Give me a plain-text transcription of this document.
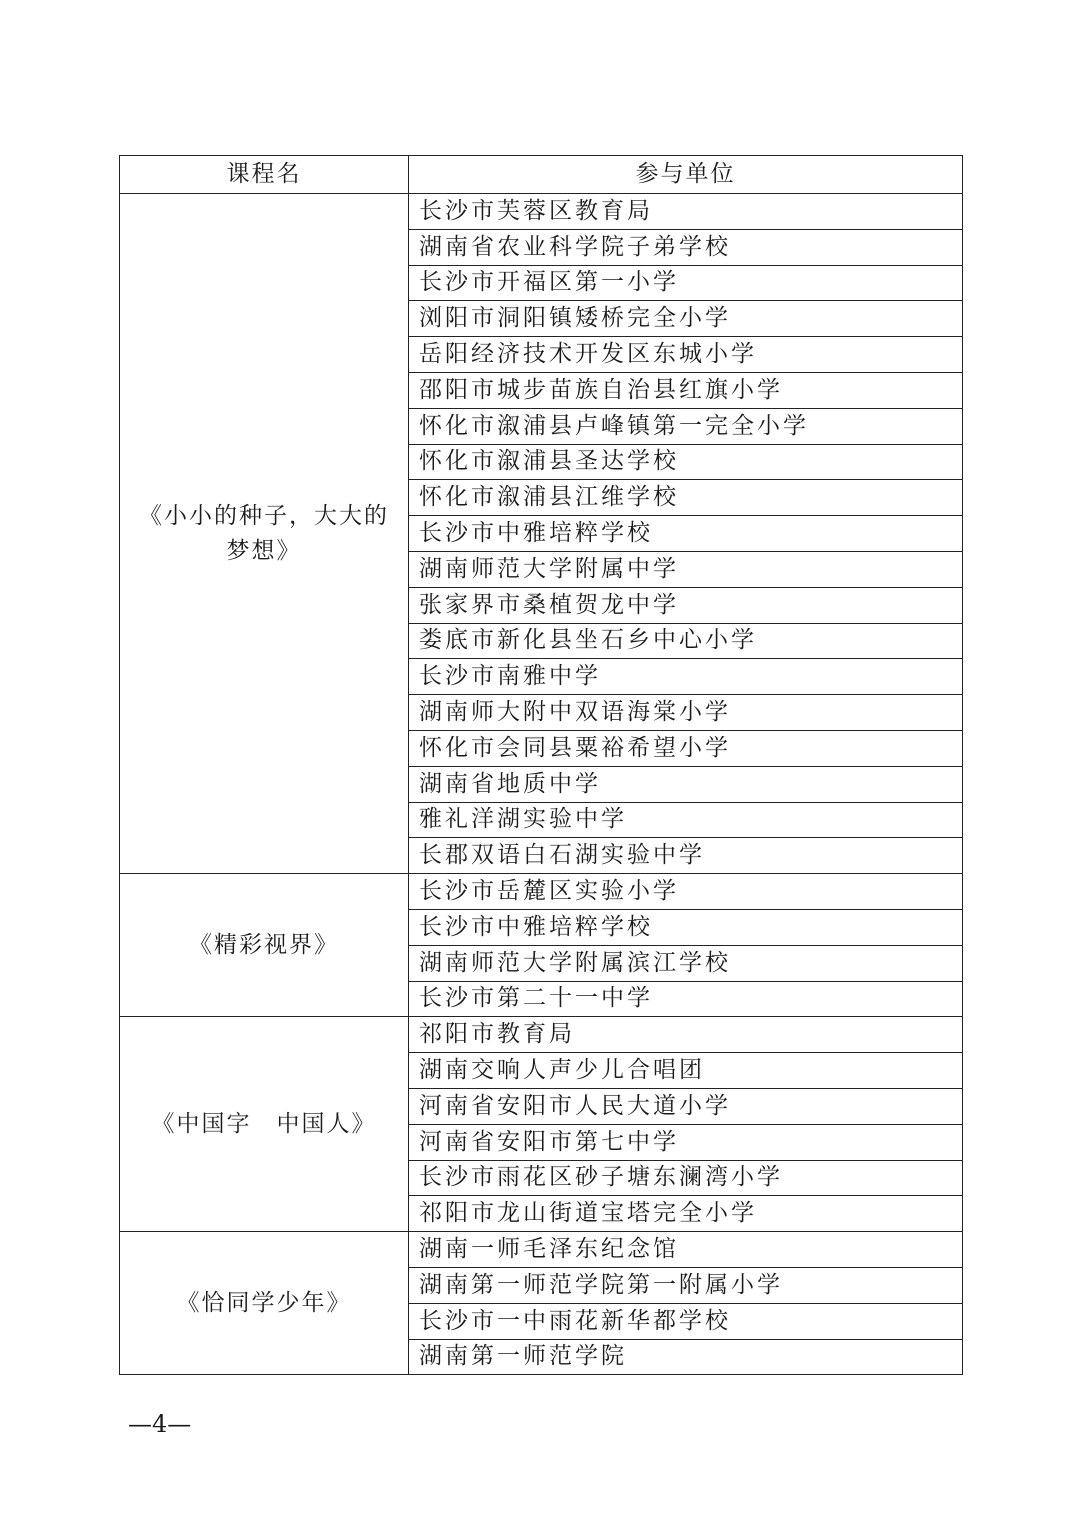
课程名	参与单位
《小小的种子，大大的梦想》	长沙市芙蓉区教育局
	湖南省农业科学院子弟学校
	长沙市开福区第一小学
	浏阳市洞阳镇矮桥完全小学
	岳阳经济技术开发区东城小学
	邵阳市城步苗族自治县红旗小学
	怀化市溆浦县卢峰镇第一完全小学
	怀化市溆浦县圣达学校
	怀化市溆浦县江维学校
	长沙市中雅培粹学校
	湖南师范大学附属中学
	张家界市桑植贺龙中学
	娄底市新化县坐石乡中心小学
	长沙市南雅中学
	湖南师大附中双语海棠小学
	怀化市会同县粟裕希望小学
	湖南省地质中学
	雅礼洋湖实验中学
	长郡双语白石湖实验中学
《精彩视界》	长沙市岳麓区实验小学
	长沙市中雅培粹学校
	湖南师范大学附属滨江学校
	长沙市第二十一中学
《中国字　中国人》	祁阳市教育局
	湖南交响人声少儿合唱团
	河南省安阳市人民大道小学
	河南省安阳市第七中学
	长沙市雨花区砂子塘东澜湾小学
	祁阳市龙山街道宝塔完全小学
《恰同学少年》	湖南一师毛泽东纪念馆
	湖南第一师范学院第一附属小学
	长沙市一中雨花新华都学校
	湖南第一师范学院
—4—
